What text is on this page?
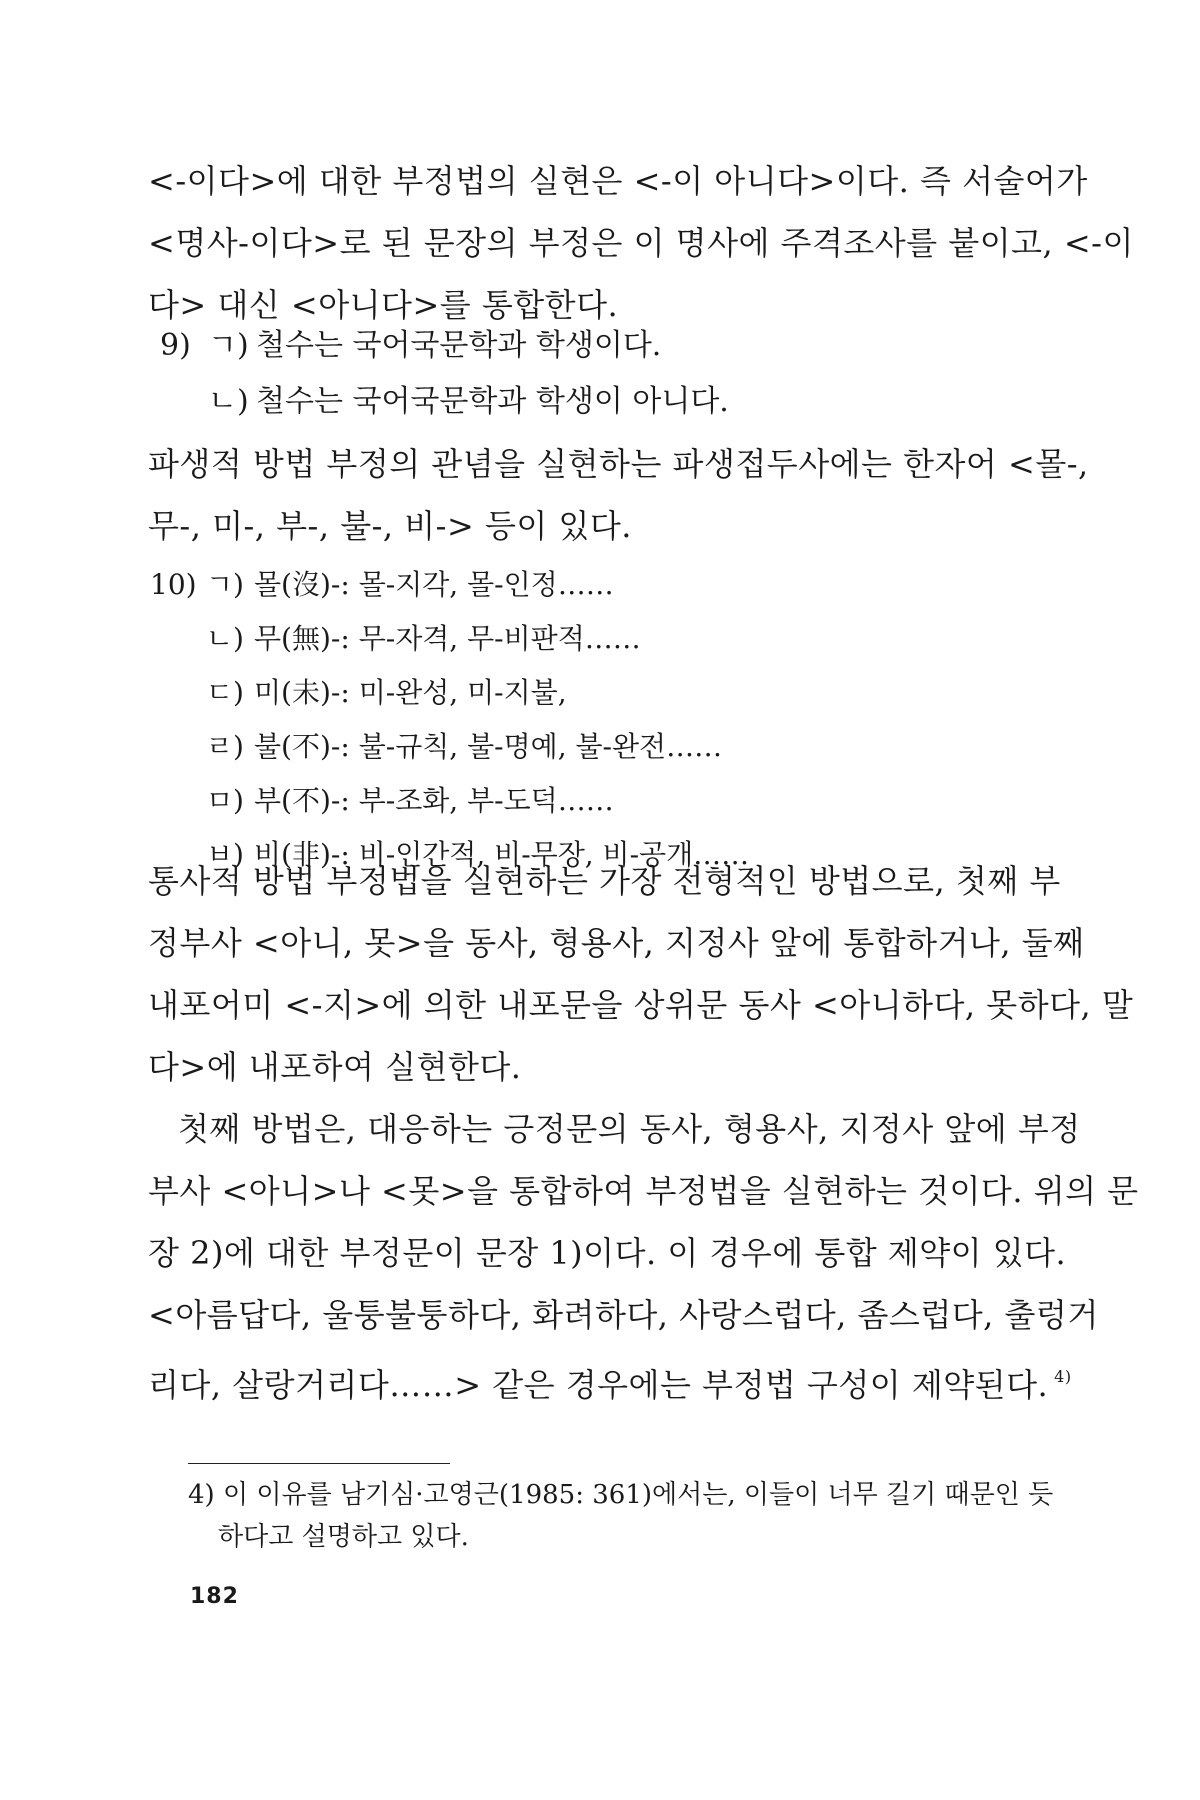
<-이다>에 대한 부정법의 실현은 <-이 아니다>이다. 즉 서술어가
<명사-이다>로 된 문장의 부정은 이 명사에 주격조사를 붙이고, <-이
다> 대신 <아니다>를 통합한다.
9) ㄱ) 철수는 국어국문학과 학생이다.
ㄴ) 철수는 국어국문학과 학생이 아니다.
파생적 방법 부정의 관념을 실현하는 파생접두사에는 한자어 <몰-,
무-, 미-, 부-, 불-, 비-> 등이 있다.
10) ㄱ) 몰(沒)-: 몰-지각, 몰-인정……
ㄴ) 무(無)-: 무-자격, 무-비판적……
ㄷ) 미(未)-: 미-완성, 미-지불,
ㄹ) 불(不)-: 불-규칙, 불-명예, 불-완전……
ㅁ) 부(不)-: 부-조화, 부-도덕……
ㅂ) 비(非)-: 비-인간적, 비-무장, 비-공개……
통사적 방법 부정법을 실현하는 가장 전형적인 방법으로, 첫째 부
정부사 <아니, 못>을 동사, 형용사, 지정사 앞에 통합하거나, 둘째
내포어미 <-지>에 의한 내포문을 상위문 동사 <아니하다, 못하다, 말
다>에 내포하여 실현한다.
첫째 방법은, 대응하는 긍정문의 동사, 형용사, 지정사 앞에 부정
부사 <아니>나 <못>을 통합하여 부정법을 실현하는 것이다. 위의 문
장 2)에 대한 부정문이 문장 1)이다. 이 경우에 통합 제약이 있다.
<아름답다, 울퉁불퉁하다, 화려하다, 사랑스럽다, 좀스럽다, 출렁거
리다, 살랑거리다……> 같은 경우에는 부정법 구성이 제약된다. $^{4)}$
4) 이 이유를 남기심·고영근(1985: 361)에서는, 이들이 너무 길기 때문인 듯
하다고 설명하고 있다.
182
